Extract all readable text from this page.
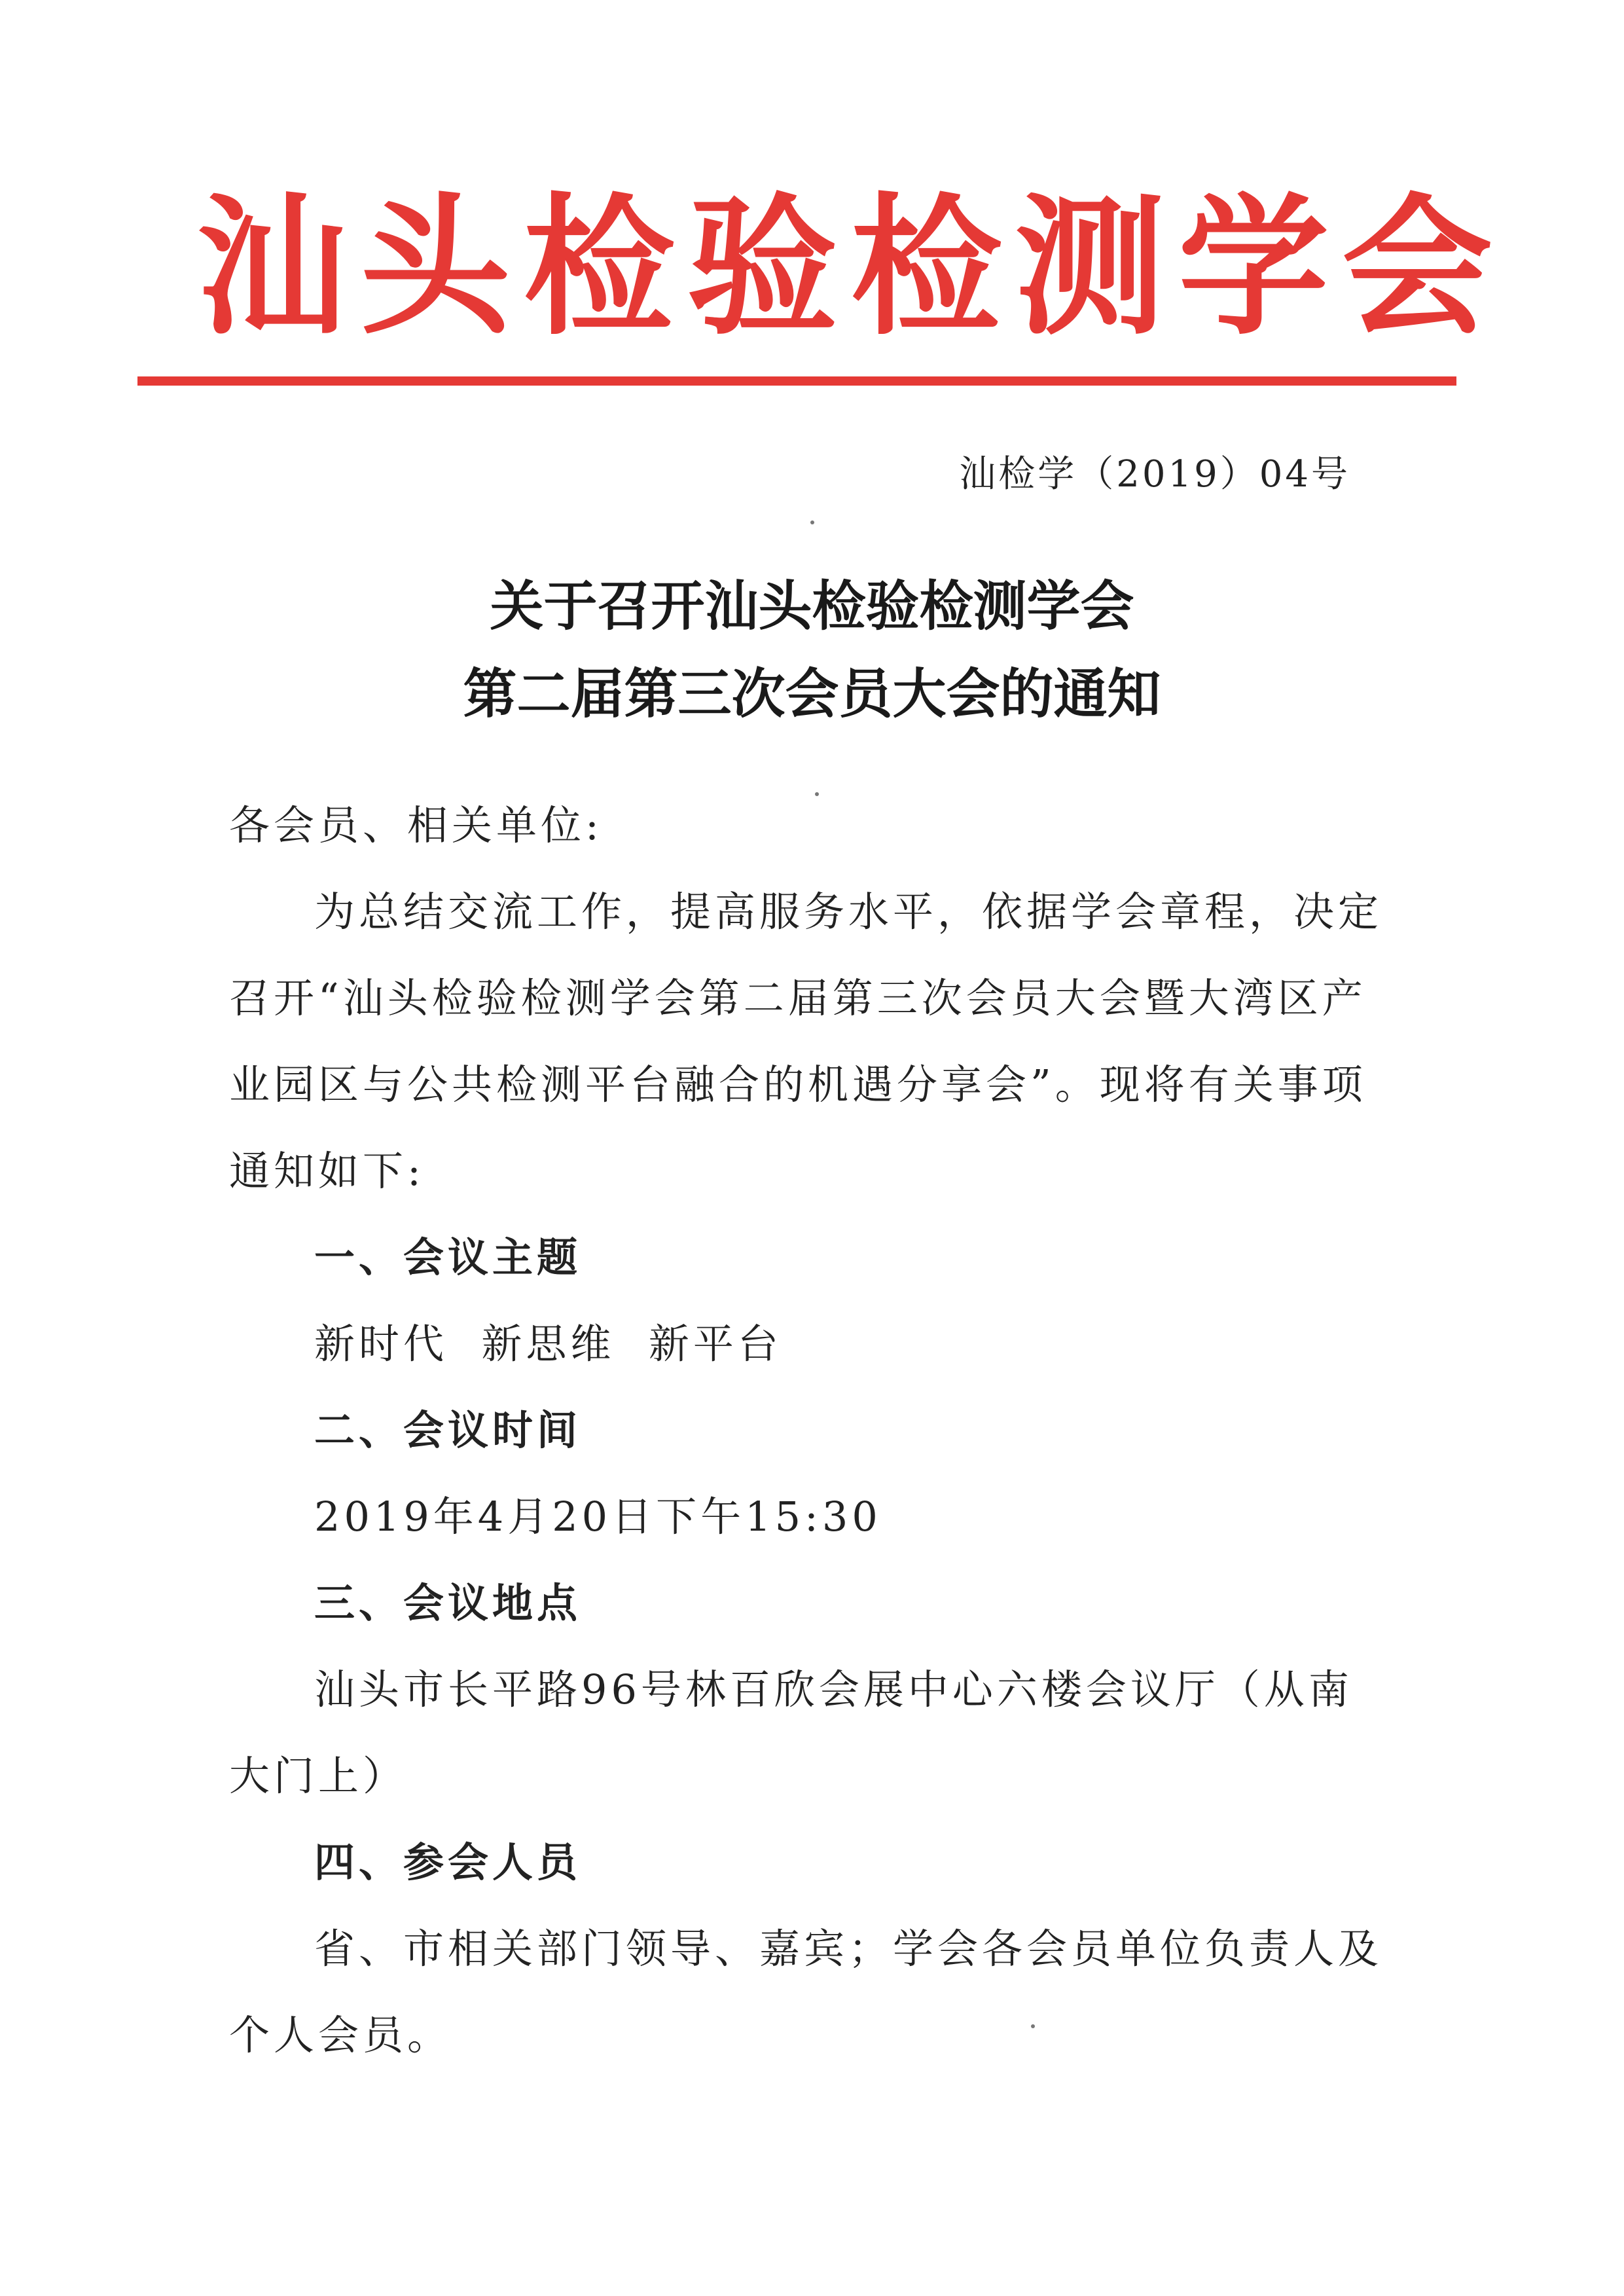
汕头检验检测学会
汕检学（2019）04号
关于召开汕头检验检测学会
第二届第三次会员大会的通知

各会员、相关单位:

为总结交流工作，提高服务水平，依据学会章程，决定

召开“汕头检验检测学会第二届第三次会员大会暨大湾区产

业园区与公共检测平台融合的机遇分享会”。现将有关事项

通知如下:

一、会议主题

新时代  新思维  新平台

二、会议时间

2019年4月20日下午15:30

三、会议地点

汕头市长平路96号林百欣会展中心六楼会议厅（从南

大门上）

四、参会人员

省、市相关部门领导、嘉宾；学会各会员单位负责人及

个人会员。
